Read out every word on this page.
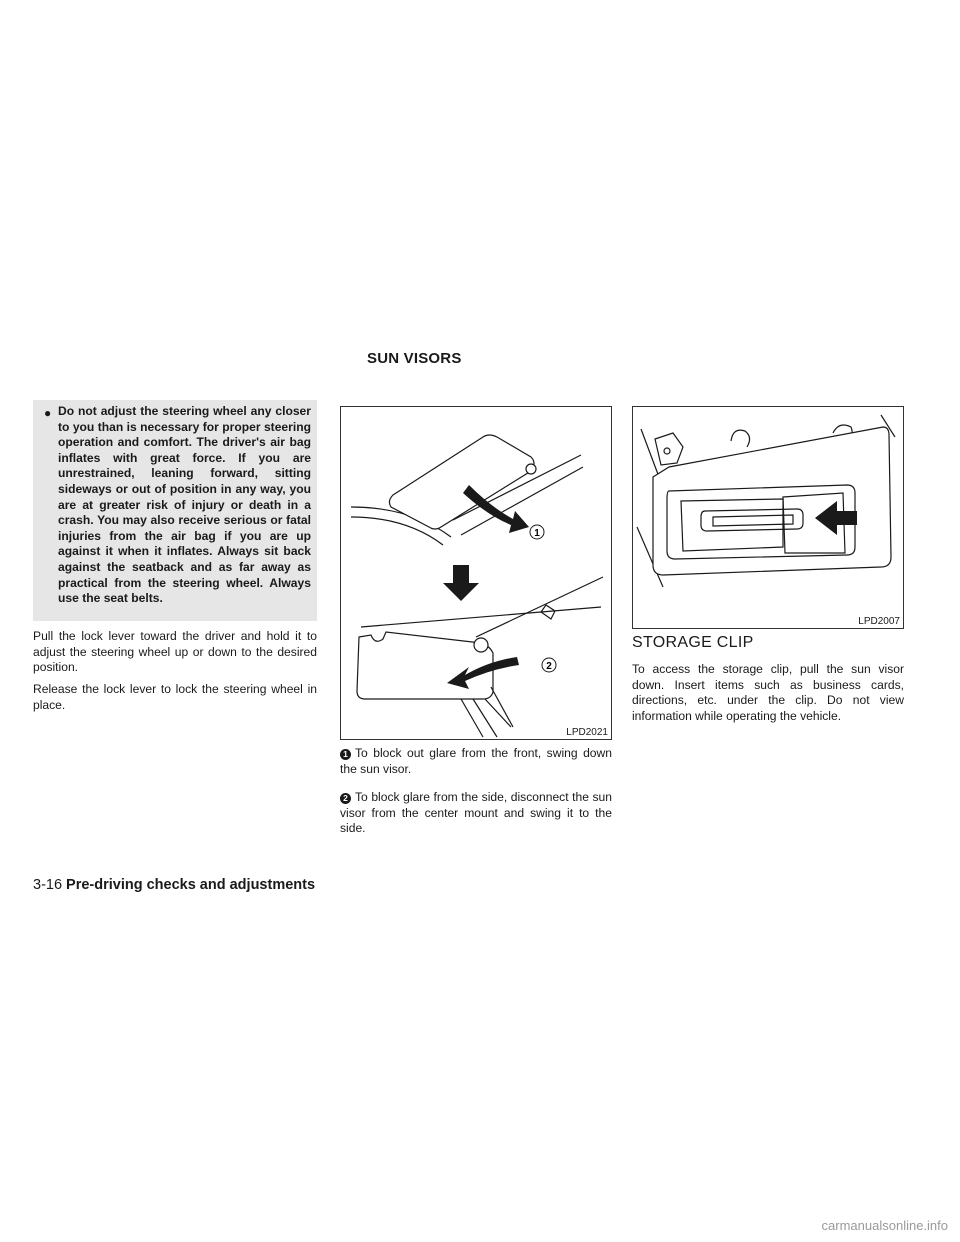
SUN VISORS
● Do not adjust the steering wheel any closer to you than is necessary for proper steering operation and comfort. The driver's air bag inflates with great force. If you are unrestrained, leaning forward, sitting sideways or out of position in any way, you are at greater risk of injury or death in a crash. You may also receive serious or fatal injuries from the air bag if you are up against it when it inflates. Always sit back against the seatback and as far away as practical from the steering wheel. Always use the seat belts.

Pull the lock lever toward the driver and hold it to adjust the steering wheel up or down to the desired position.

Release the lock lever to lock the steering wheel in place.

1
2
LPD2021
LPD2007

1 To block out glare from the front, swing down the sun visor.

2 To block glare from the side, disconnect the sun visor from the center mount and swing it to the side.

STORAGE CLIP

To access the storage clip, pull the sun visor down. Insert items such as business cards, directions, etc. under the clip. Do not view information while operating the vehicle.

3-16 Pre-driving checks and adjustments
carmanualsonline.info
